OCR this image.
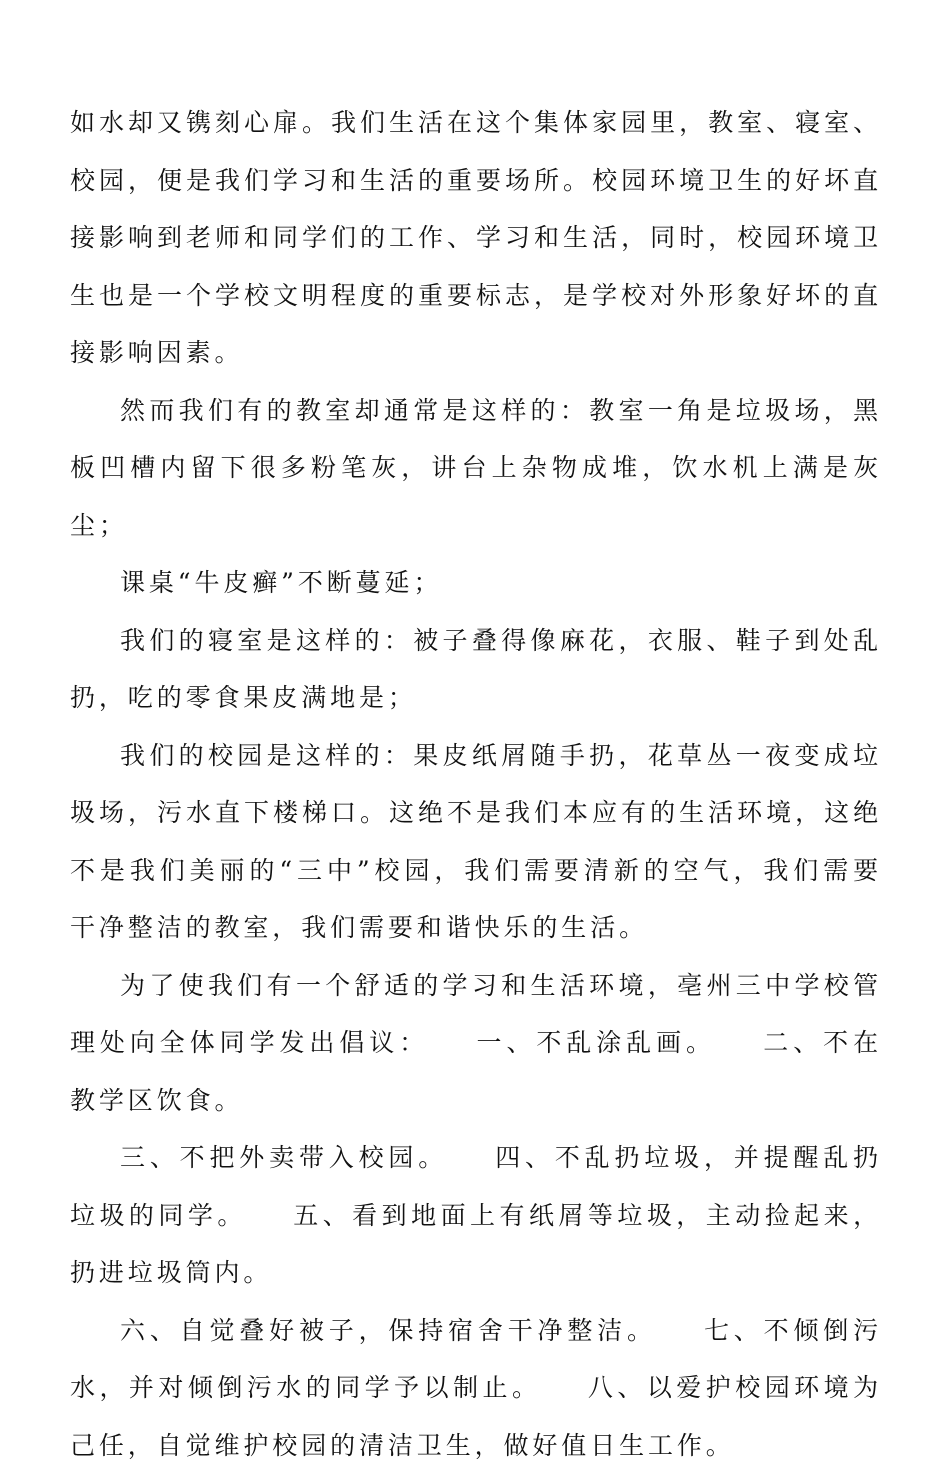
如水却又镌刻心扉。我们生活在这个集体家园里，教室、寝室、校园，便是我们学习和生活的重要场所。校园环境卫生的好坏直接影响到老师和同学们的工作、学习和生活，同时，校园环境卫生也是一个学校文明程度的重要标志，是学校对外形象好坏的直接影响因素。

然而我们有的教室却通常是这样的：教室一角是垃圾场，黑板凹槽内留下很多粉笔灰，讲台上杂物成堆，饮水机上满是灰尘；

课桌“牛皮癣”不断蔓延；

我们的寝室是这样的：被子叠得像麻花，衣服、鞋子到处乱扔，吃的零食果皮满地是；

我们的校园是这样的：果皮纸屑随手扔，花草丛一夜变成垃圾场，污水直下楼梯口。这绝不是我们本应有的生活环境，这绝不是我们美丽的“三中”校园，我们需要清新的空气，我们需要干净整洁的教室，我们需要和谐快乐的生活。

为了使我们有一个舒适的学习和生活环境，亳州三中学校管理处向全体同学发出倡议：　　一、不乱涂乱画。　　二、不在教学区饮食。

三、不把外卖带入校园。　　四、不乱扔垃圾，并提醒乱扔垃圾的同学。　　五、看到地面上有纸屑等垃圾，主动捡起来，扔进垃圾筒内。

六、自觉叠好被子，保持宿舍干净整洁。　　七、不倾倒污水，并对倾倒污水的同学予以制止。　　八、以爱护校园环境为己任，自觉维护校园的清洁卫生，做好值日生工作。
